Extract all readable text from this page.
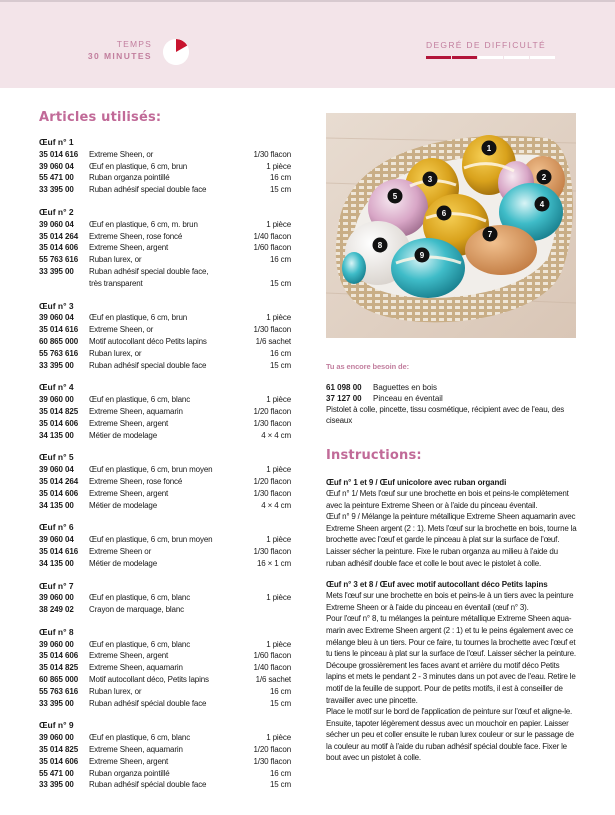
TEMPS
30 MINUTES
DEGRÉ DE DIFFICULTÉ
Articles utilisés:
Œuf n° 1
35 014 616	Extreme Sheen, or	1/30 flacon
39 060 04	Œuf en plastique, 6 cm, brun	1 pièce
55 471 00	Ruban organza pointillé	16 cm
33 395 00	Ruban adhésif special double face	15 cm
Œuf n° 2
39 060 04	Œuf en plastique, 6 cm, m. brun	1 pièce
35 014 264	Extreme Sheen, rose foncé	1/40 flacon
35 014 606	Extreme Sheen, argent	1/60 flacon
55 763 616	Ruban lurex, or	16 cm
33 395 00	Ruban adhésif special double face,
très transparent	15 cm
Œuf n° 3
39 060 04	Œuf en plastique, 6 cm, brun	1 pièce
35 014 616	Extreme Sheen, or	1/30 flacon
60 865 000	Motif autocollant déco Petits lapins	1/6 sachet
55 763 616	Ruban lurex, or	16 cm
33 395 00	Ruban adhésif special double face	15 cm
Œuf n° 4
39 060 00	Œuf en plastique, 6 cm, blanc	1 pièce
35 014 825	Extreme Sheen, aquamarin	1/20 flacon
35 014 606	Extreme Sheen, argent	1/30 flacon
34 135 00	Métier de modelage	4 × 4 cm
Œuf n° 5
39 060 04	Œuf en plastique, 6 cm, brun moyen	1 pièce
35 014 264	Extreme Sheen, rose foncé	1/20 flacon
35 014 606	Extreme Sheen, argent	1/30 flacon
34 135 00	Métier de modelage	4 × 4 cm
Œuf n° 6
39 060 04	Œuf en plastique, 6 cm, brun moyen	1 pièce
35 014 616	Extreme Sheen or	1/30 flacon
34 135 00	Métier de modelage	16 × 1 cm
Œuf n° 7
39 060 00	Œuf en plastique, 6 cm, blanc	1 pièce
38 249 02	Crayon de marquage, blanc
Œuf n° 8
39 060 00	Œuf en plastique, 6 cm, blanc	1 pièce
35 014 606	Extreme Sheen, argent	1/60 flacon
35 014 825	Extreme Sheen, aquamarin	1/40 flacon
60 865 000	Motif autocollant déco, Petits lapins	1/6 sachet
55 763 616	Ruban lurex, or	16 cm
33 395 00	Ruban adhésif spécial double face	15 cm
Œuf n° 9
39 060 00	Œuf en plastique, 6 cm, blanc	1 pièce
35 014 825	Extreme Sheen, aquamarin	1/20 flacon
35 014 606	Extreme Sheen, argent	1/30 flacon
55 471 00	Ruban organza pointillé	16 cm
33 395 00	Ruban adhésif spécial double face	15 cm
1
2
3
4
5
6
7
8
9
Tu as encore besoin de:
61 098 00	Baguettes en bois
37 127 00	Pinceau en éventail
Pistolet à colle, pincette, tissu cosmétique, récipient avec de l'eau, des
ciseaux
Instructions:
Œuf n° 1 et 9 / Œuf unicolore avec ruban organdi
Œuf n° 1/ Mets l'œuf sur une brochette en bois et peins-le complètement
avec la peinture Extreme Sheen or à l'aide du pinceau éventail.
Œuf n° 9 / Mélange la peinture métallique Extreme Sheen aquamarin avec
Extreme Sheen argent (2 : 1). Mets l'œuf sur la brochette en bois, tourne la
brochette avec l'œuf et garde le pinceau à plat sur la surface de l'œuf.
Laisser sécher la peinture. Fixe le ruban organza au milieu à l'aide du
ruban adhésif double face et colle le bout avec le pistolet à colle.
Œuf n° 3 et 8 / Œuf avec motif autocollant déco Petits lapins
Mets l'œuf sur une brochette en bois et peins-le à un tiers avec la peinture
Extreme Sheen or à l'aide du pinceau en éventail (œuf n° 3).
Pour l'œuf n° 8, tu mélanges la peinture métallique Extreme Sheen aqua-
marin avec Extreme Sheen argent (2 : 1) et tu le peins également avec ce
mélange bleu à un tiers. Pour ce faire, tu tournes la brochette avec l'œuf et
tu tiens le pinceau à plat sur la surface de l'œuf. Laisser sécher la peinture.
Découpe grossièrement les faces avant et arrière du motif déco Petits
lapins et mets le pendant 2 - 3 minutes dans un pot avec de l'eau. Retire le
motif de la feuille de support. Pour de petits motifs, il est à conseiller de
travailler avec une pincette.
Place le motif sur le bord de l'application de peinture sur l'œuf et aligne-le.
Ensuite, tapoter légèrement dessus avec un mouchoir en papier. Laisser
sécher un peu et coller ensuite le ruban lurex couleur or sur le passage de
la couleur au motif à l'aide du ruban adhésif spécial double face. Fixer le
bout avec un pistolet à colle.
